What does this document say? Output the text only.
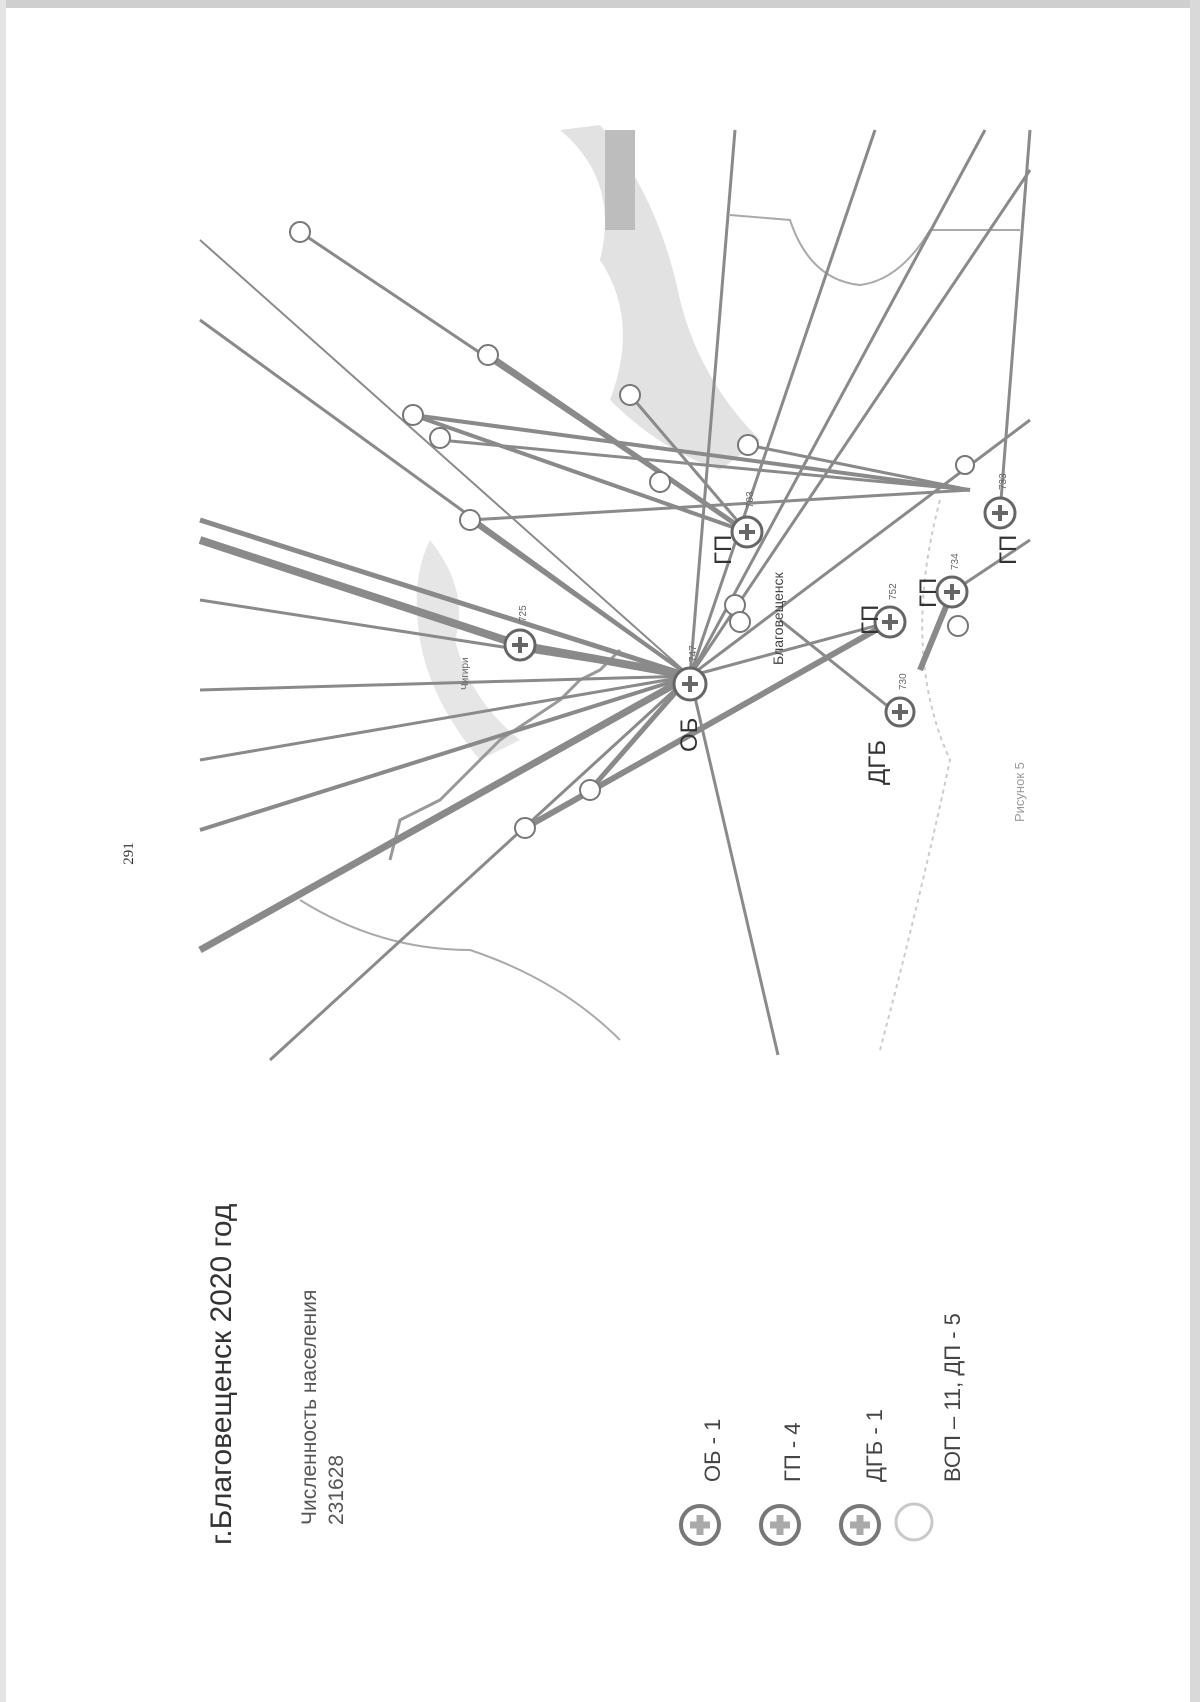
291
г.Благовещенск 2020 год	Численность населения 231628
ОБ - 1	ГП - 4	ДГБ - 1 ВОП – 11, ДП - 5
ОБ
ГП
ГП
ГП
ГП
ДГБ
747
725
703
752
734
733
730
Чигири
Благовещенск
Рисунок 5
